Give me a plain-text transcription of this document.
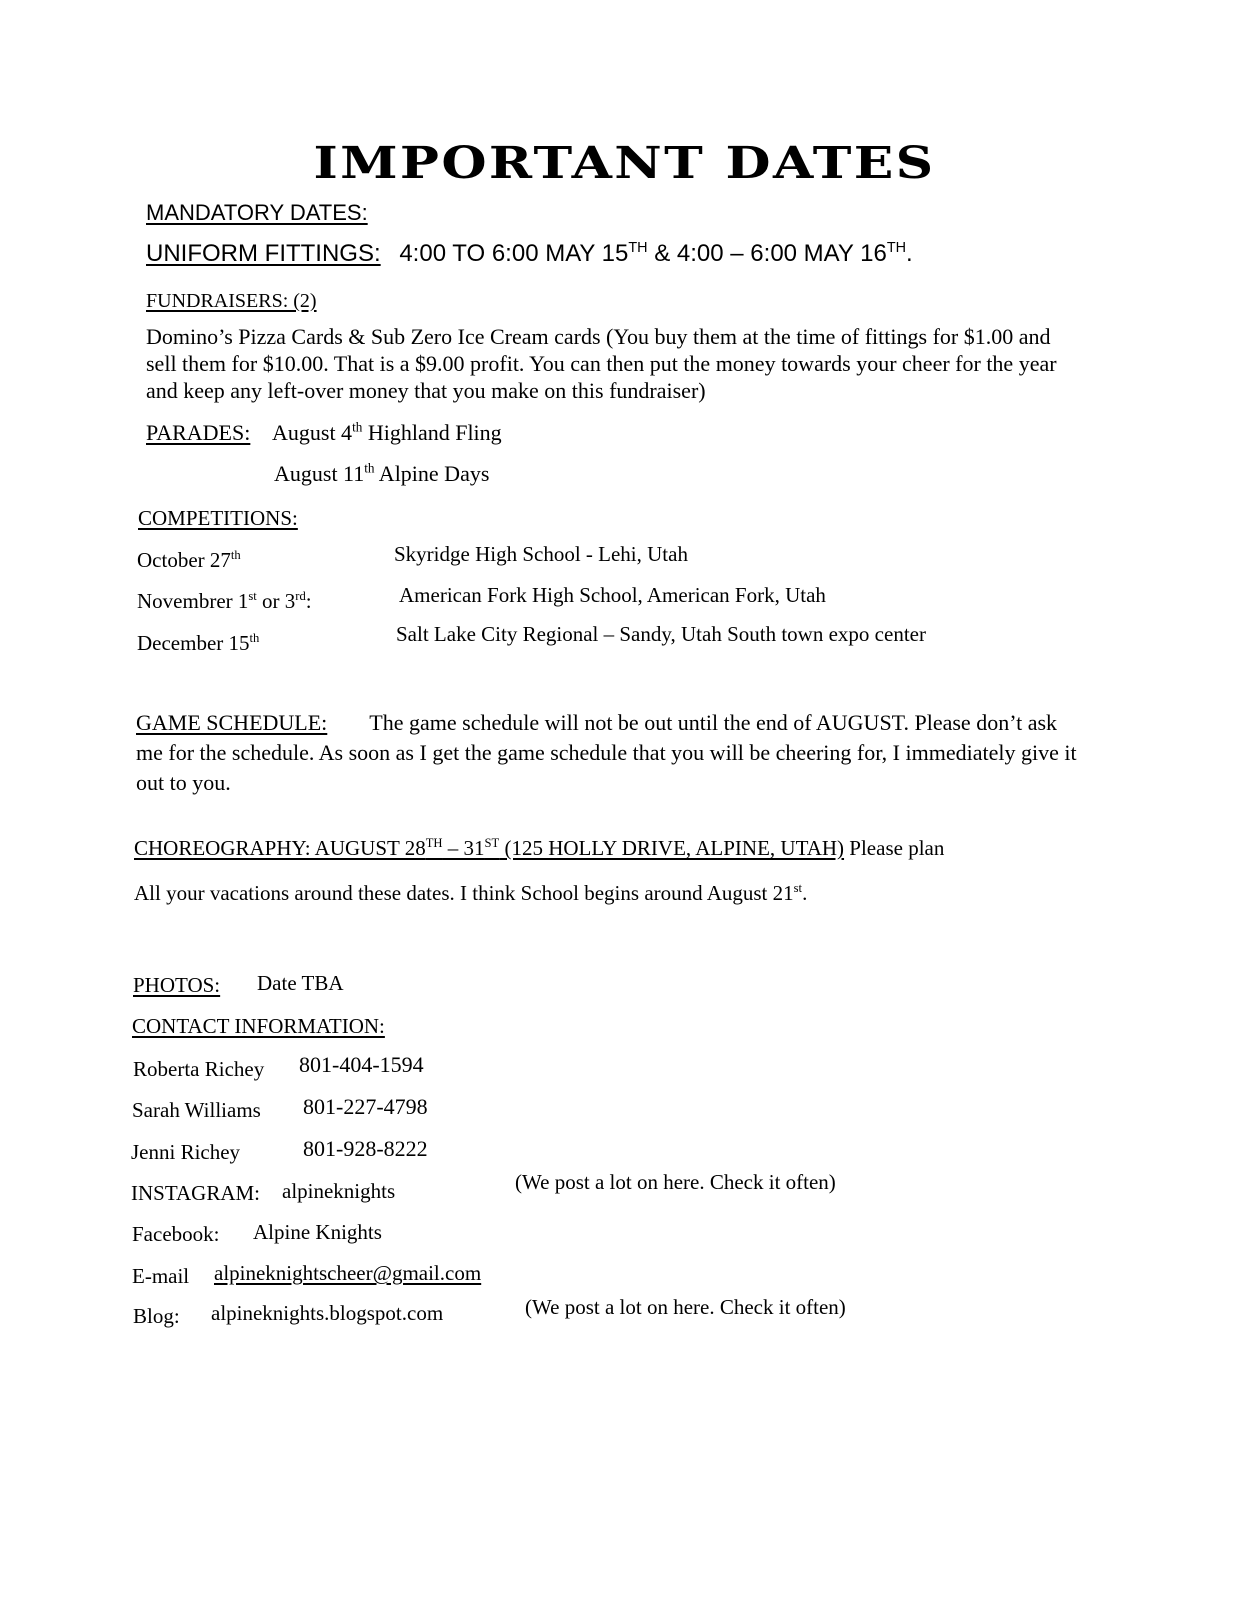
IMPORTANT DATES
MANDATORY DATES:
UNIFORM FITTINGS: 4:00 TO 6:00 MAY 15TH & 4:00 – 6:00 MAY 16TH.
FUNDRAISERS: (2)
Domino’s Pizza Cards & Sub Zero Ice Cream cards (You buy them at the time of fittings for $1.00 and sell them for $10.00. That is a $9.00 profit. You can then put the money towards your cheer for the year and keep any left-over money that you make on this fundraiser)
PARADES: August 4th Highland Fling
August 11th Alpine Days
COMPETITIONS:
October 27th	Skyridge High School - Lehi, Utah
Novembrer 1st or 3rd:	American Fork High School, American Fork, Utah
December 15th	Salt Lake City Regional – Sandy, Utah South town expo center
GAME SCHEDULE: The game schedule will not be out until the end of AUGUST. Please don’t ask me for the schedule. As soon as I get the game schedule that you will be cheering for, I immediately give it out to you.
CHOREOGRAPHY: AUGUST 28TH – 31ST (125 HOLLY DRIVE, ALPINE, UTAH) Please plan
All your vacations around these dates. I think School begins around August 21st.
PHOTOS: Date TBA
CONTACT INFORMATION:
Roberta Richey 801-404-1594
Sarah Williams 801-227-4798
Jenni Richey	801-928-8222
INSTAGRAM: alpineknights	(We post a lot on here. Check it often)
Facebook: Alpine Knights
E-mail alpineknightscheer@gmail.com
Blog: alpineknights.blogspot.com	(We post a lot on here. Check it often)
